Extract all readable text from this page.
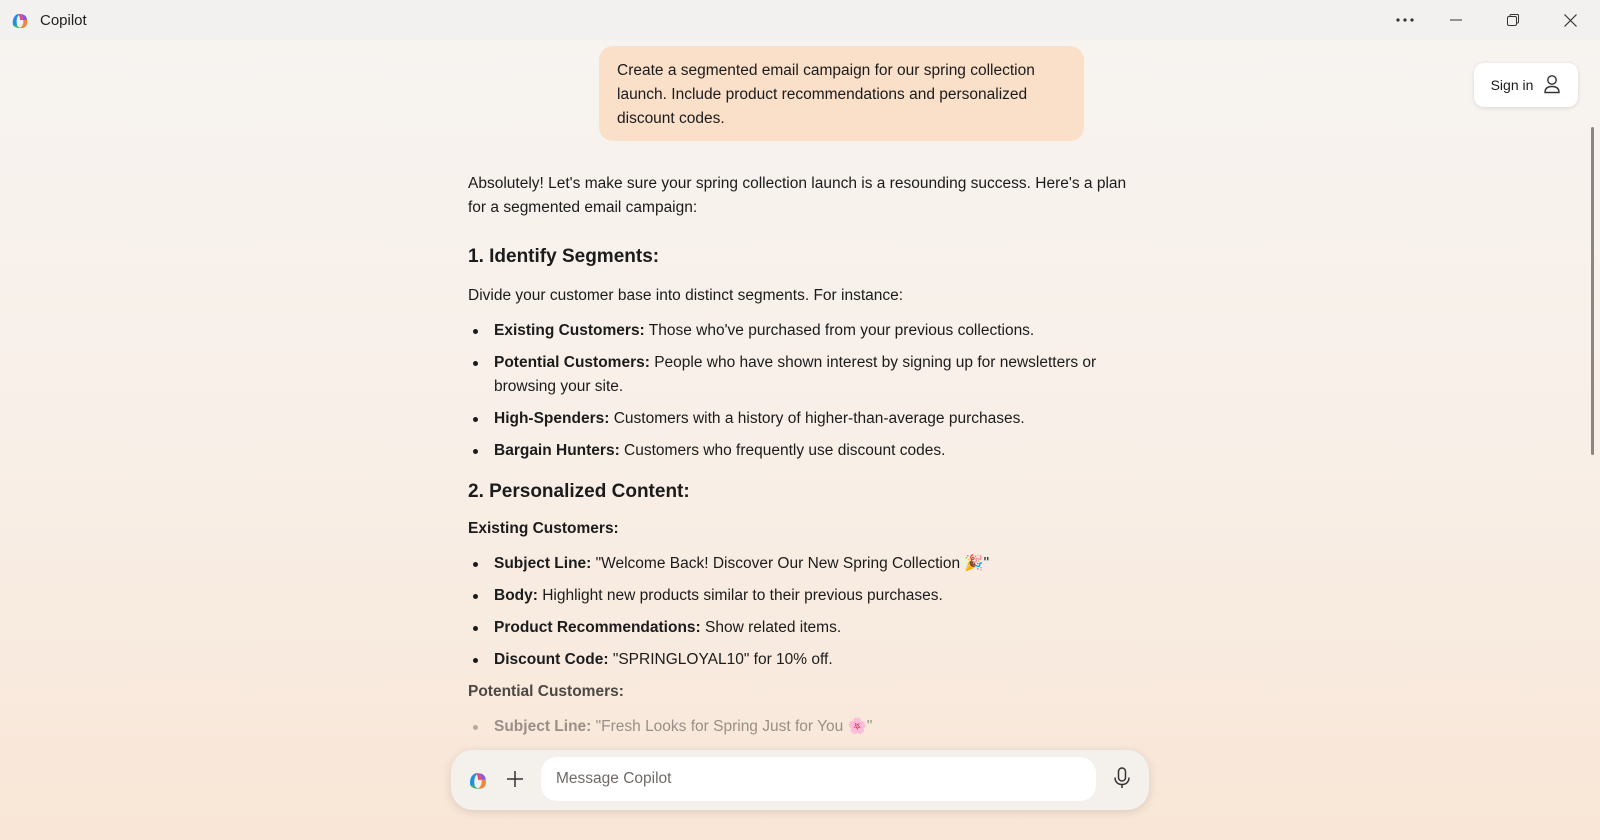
Copilot
Sign in
Create a segmented email campaign for our spring collection launch. Include product recommendations and personalized discount codes.

Absolutely! Let's make sure your spring collection launch is a resounding success. Here's a plan for a segmented email campaign:

1. Identify Segments:

Divide your customer base into distinct segments. For instance:

Existing Customers: Those who've purchased from your previous collections.
Potential Customers: People who have shown interest by signing up for newsletters or browsing your site.
High-Spenders: Customers with a history of higher-than-average purchases.
Bargain Hunters: Customers who frequently use discount codes.
2. Personalized Content:

Existing Customers:

Subject Line: "Welcome Back! Discover Our New Spring Collection 🎉"
Body: Highlight new products similar to their previous purchases.
Product Recommendations: Show related items.
Discount Code: "SPRINGLOYAL10" for 10% off.

Potential Customers:

Subject Line: "Fresh Looks for Spring Just for You 🌸"
Message Copilot
